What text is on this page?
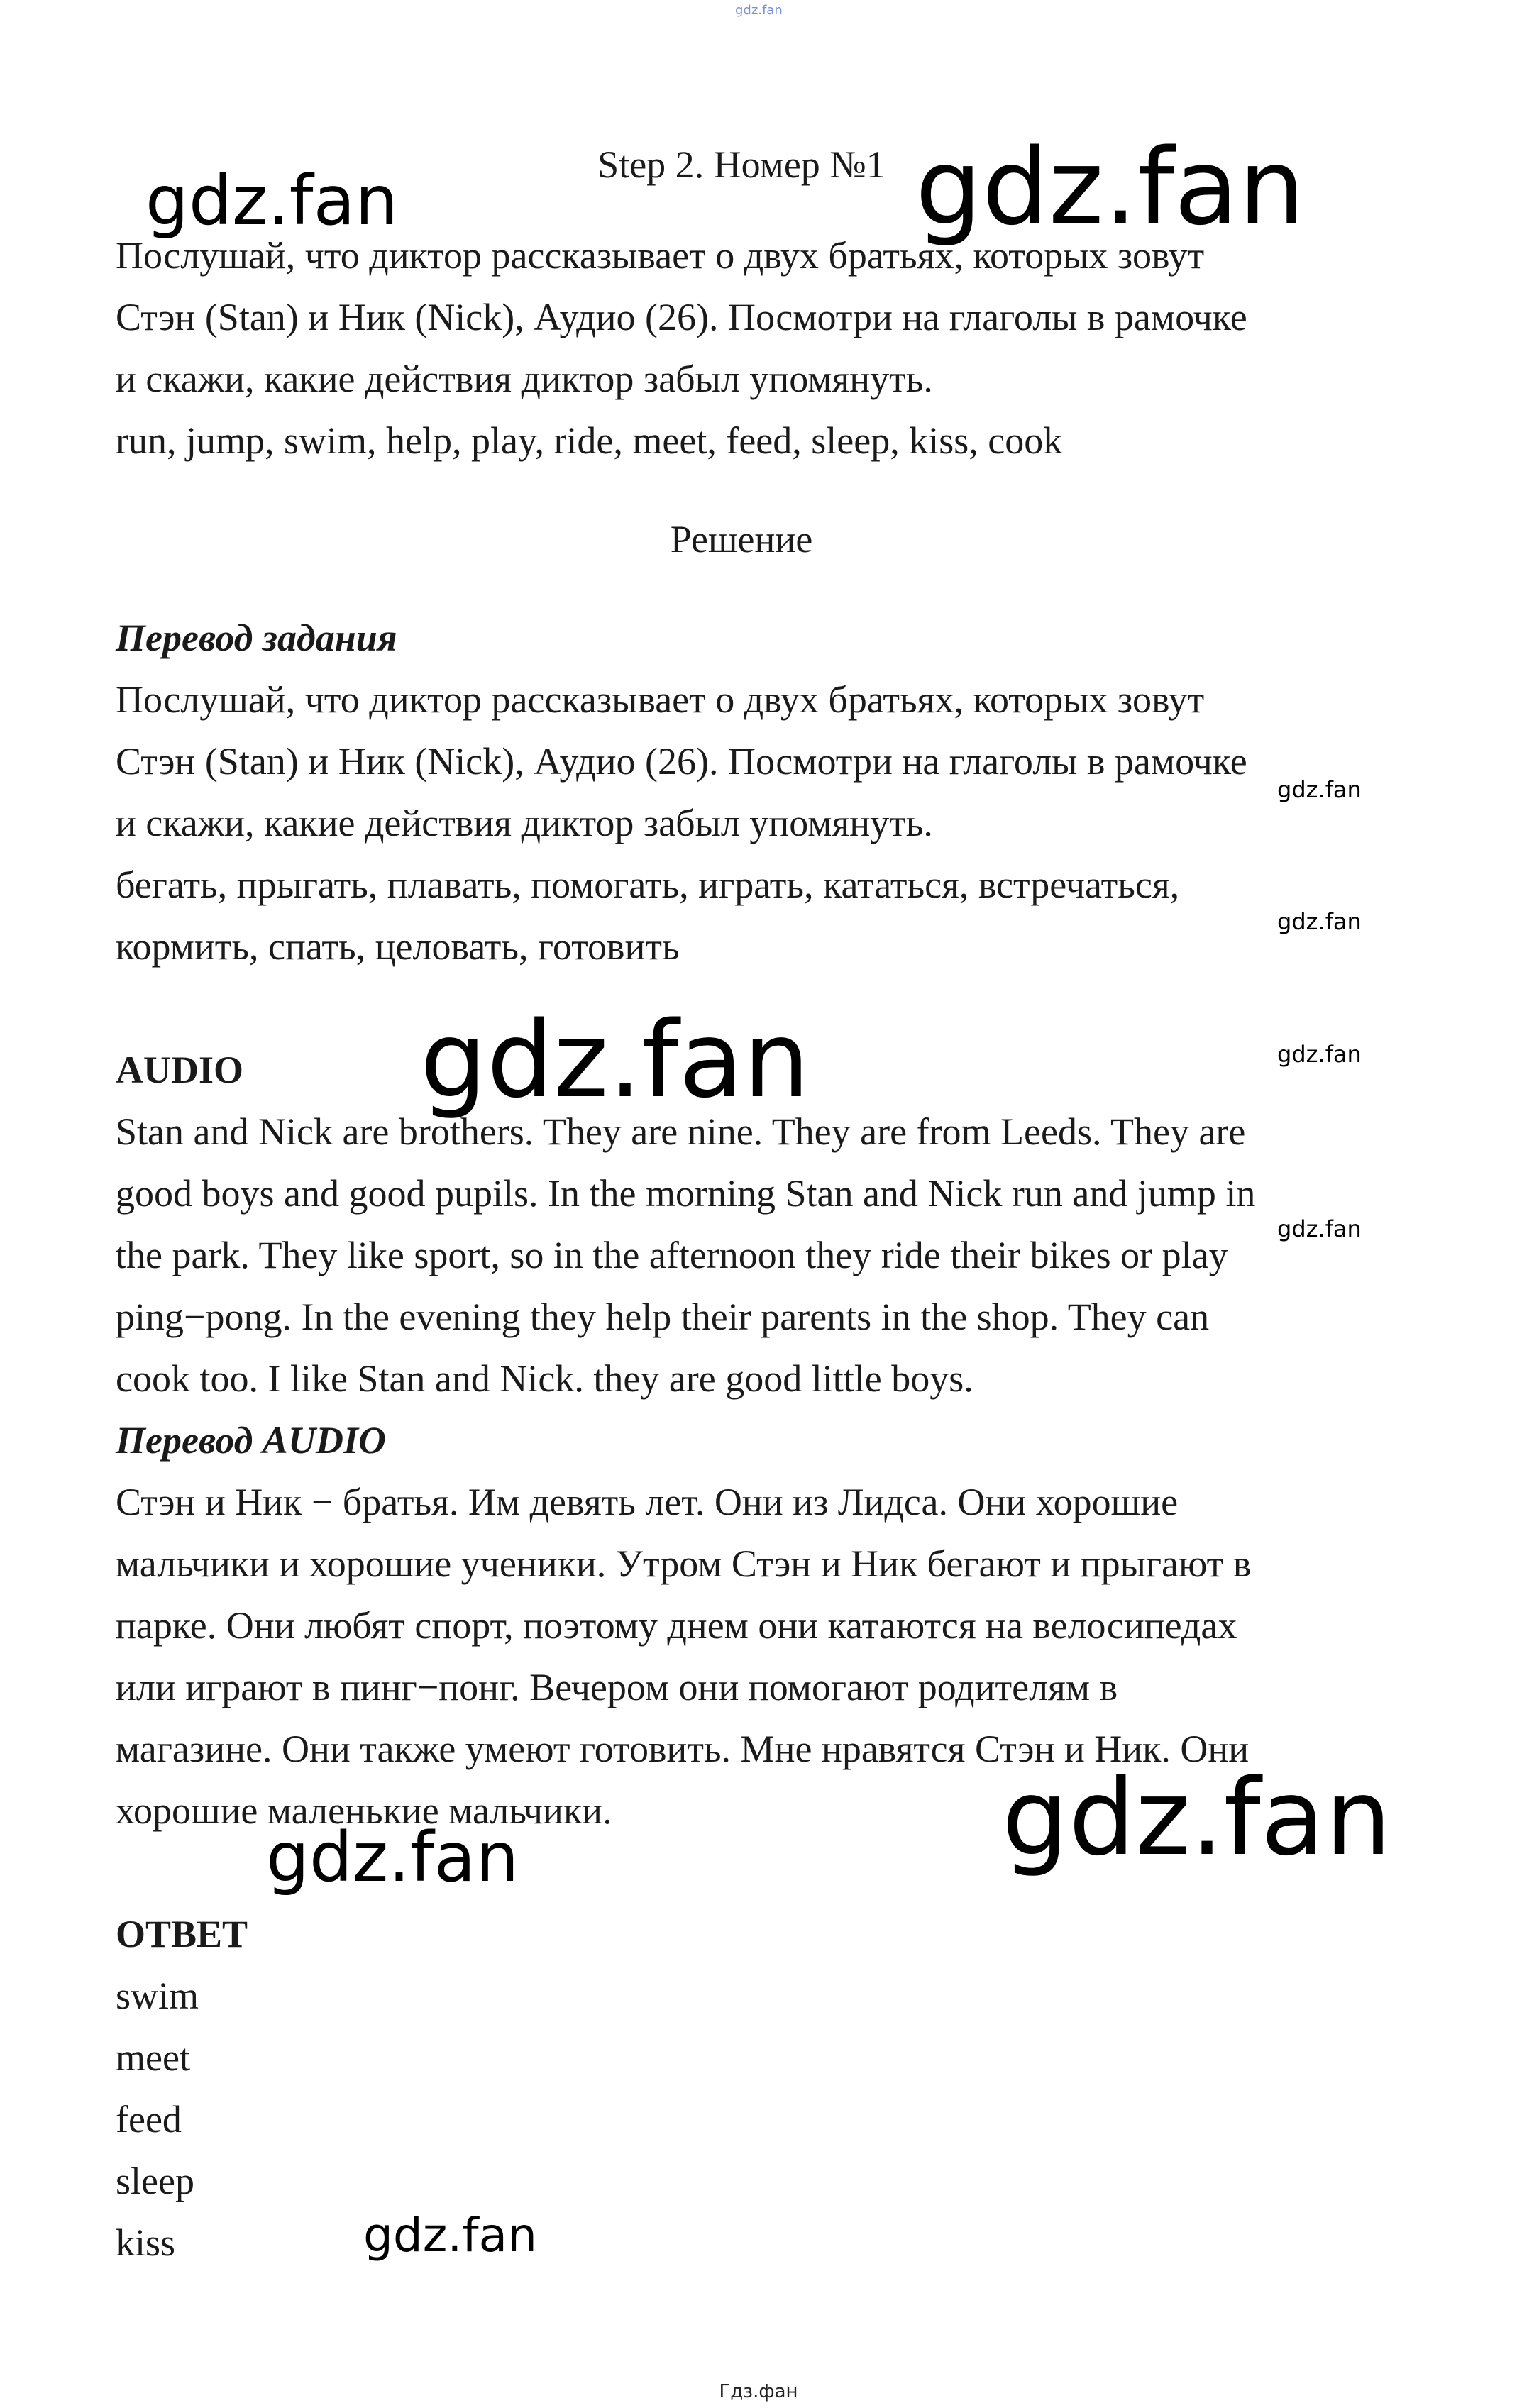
gdz.fan
Step 2. Номер №1
Послушай, что диктор рассказывает о двух братьях, которых зовут
Стэн (Stan) и Ник (Nick), Аудио (26). Посмотри на глаголы в рамочке
и скажи, какие действия диктор забыл упомянуть.
run, jump, swim, help, play, ride, meet, feed, sleep, kiss, cook
Решение
Перевод задания
Послушай, что диктор рассказывает о двух братьях, которых зовут
Стэн (Stan) и Ник (Nick), Аудио (26). Посмотри на глаголы в рамочке
и скажи, какие действия диктор забыл упомянуть.
бегать, прыгать, плавать, помогать, играть, кататься, встречаться,
кормить, спать, целовать, готовить
AUDIO
Stan and Nick are brothers. They are nine. They are from Leeds. They are
good boys and good pupils. In the morning Stan and Nick run and jump in
the park. They like sport, so in the afternoon they ride their bikes or play
ping−pong. In the evening they help their parents in the shop. They can
cook too. I like Stan and Nick. they are good little boys.
Перевод AUDIO
Стэн и Ник − братья. Им девять лет. Они из Лидса. Они хорошие
мальчики и хорошие ученики. Утром Стэн и Ник бегают и прыгают в
парке. Они любят спорт, поэтому днем они катаются на велосипедах
или играют в пинг−понг. Вечером они помогают родителям в
магазине. Они также умеют готовить. Мне нравятся Стэн и Ник. Они
хорошие маленькие мальчики.
ОТВЕТ
swim
meet
feed
sleep
kiss
gdz.fan	gdz.fan
gdz.fan
gdz.fan
gdz.fan	gdz.fan
gdz.fan
gdz.fan
gdz.fan
gdz.fan
Гдз.фан
